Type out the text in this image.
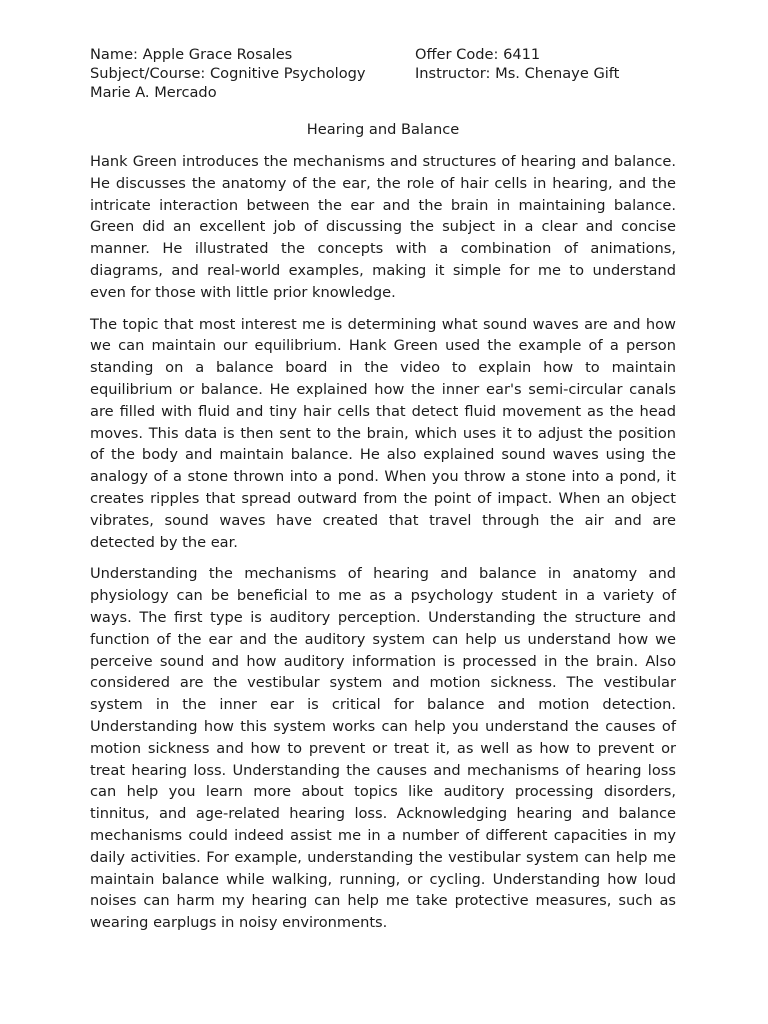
Name: Apple Grace Rosales	Offer Code: 6411
Subject/Course: Cognitive Psychology	Instructor: Ms. Chenaye Gift
Marie A. Mercado
Hearing and Balance

Hank Green introduces the mechanisms and structures of hearing and balance. He discusses the anatomy of the ear, the role of hair cells in hearing, and the intricate interaction between the ear and the brain in maintaining balance. Green did an excellent job of discussing the subject in a clear and concise manner. He illustrated the concepts with a combination of animations, diagrams, and real-world examples, making it simple for me to understand even for those with little prior knowledge.

The topic that most interest me is determining what sound waves are and how we can maintain our equilibrium. Hank Green used the example of a person standing on a balance board in the video to explain how to maintain equilibrium or balance. He explained how the inner ear's semi-circular canals are filled with fluid and tiny hair cells that detect fluid movement as the head moves. This data is then sent to the brain, which uses it to adjust the position of the body and maintain balance. He also explained sound waves using the analogy of a stone thrown into a pond. When you throw a stone into a pond, it creates ripples that spread outward from the point of impact. When an object vibrates, sound waves have created that travel through the air and are detected by the ear.

Understanding the mechanisms of hearing and balance in anatomy and physiology can be beneficial to me as a psychology student in a variety of ways. The first type is auditory perception. Understanding the structure and function of the ear and the auditory system can help us understand how we perceive sound and how auditory information is processed in the brain. Also considered are the vestibular system and motion sickness. The vestibular system in the inner ear is critical for balance and motion detection. Understanding how this system works can help you understand the causes of motion sickness and how to prevent or treat it, as well as how to prevent or treat hearing loss. Understanding the causes and mechanisms of hearing loss can help you learn more about topics like auditory processing disorders, tinnitus, and age-related hearing loss. Acknowledging hearing and balance mechanisms could indeed assist me in a number of different capacities in my daily activities. For example, understanding the vestibular system can help me maintain balance while walking, running, or cycling. Understanding how loud noises can harm my hearing can help me take protective measures, such as wearing earplugs in noisy environments.
